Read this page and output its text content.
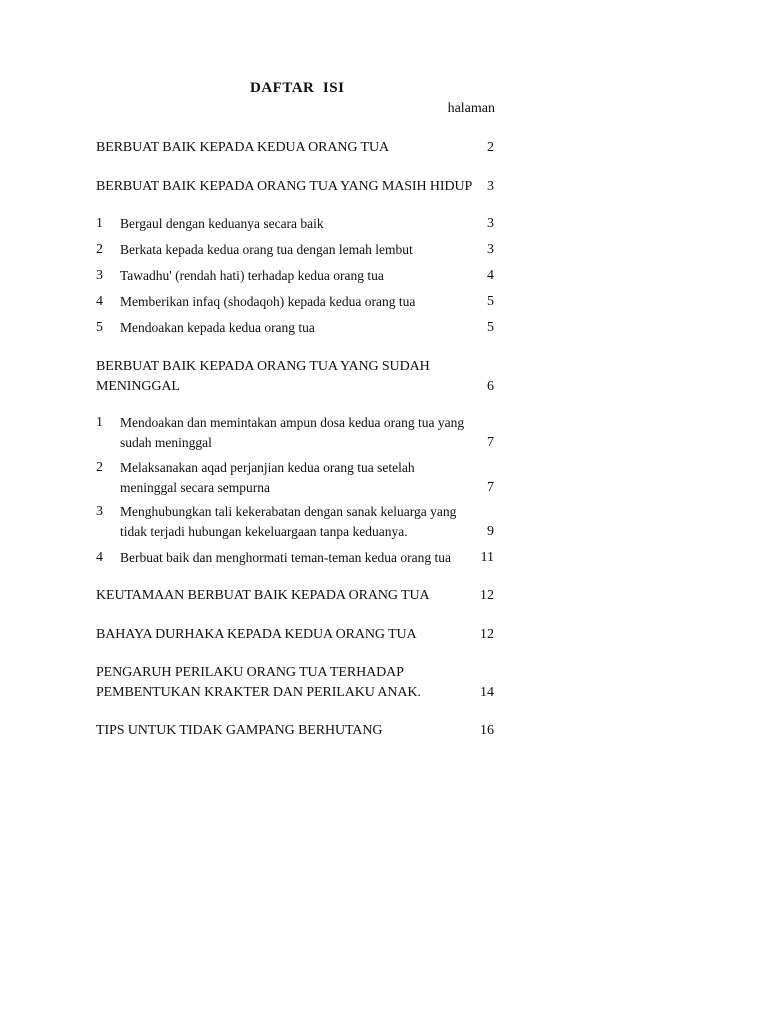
DAFTAR  ISI
halaman
BERBUAT BAIK KEPADA KEDUA ORANG TUA	2
BERBUAT BAIK KEPADA ORANG TUA YANG MASIH HIDUP	3
1	Bergaul dengan keduanya secara baik	3
2	Berkata kepada kedua orang tua dengan lemah lembut	3
3	Tawadhu' (rendah hati) terhadap kedua orang tua	4
4	Memberikan infaq (shodaqoh) kepada kedua orang tua	5
5	Mendoakan kepada kedua orang tua	5
BERBUAT BAIK KEPADA ORANG TUA YANG SUDAH MENINGGAL	6
1	Mendoakan dan memintakan ampun dosa kedua orang tua yang sudah meninggal	7
2	Melaksanakan aqad perjanjian kedua orang tua setelah meninggal secara sempurna	7
3	Menghubungkan tali kekerabatan dengan sanak keluarga yang tidak terjadi hubungan kekeluargaan tanpa keduanya.	9
4	Berbuat baik dan menghormati teman-teman kedua orang tua	11
KEUTAMAAN BERBUAT BAIK KEPADA ORANG TUA	12
BAHAYA DURHAKA KEPADA KEDUA ORANG TUA	12
PENGARUH PERILAKU ORANG TUA TERHADAP PEMBENTUKAN KRAKTER DAN PERILAKU ANAK.	14
TIPS UNTUK TIDAK GAMPANG BERHUTANG	16
